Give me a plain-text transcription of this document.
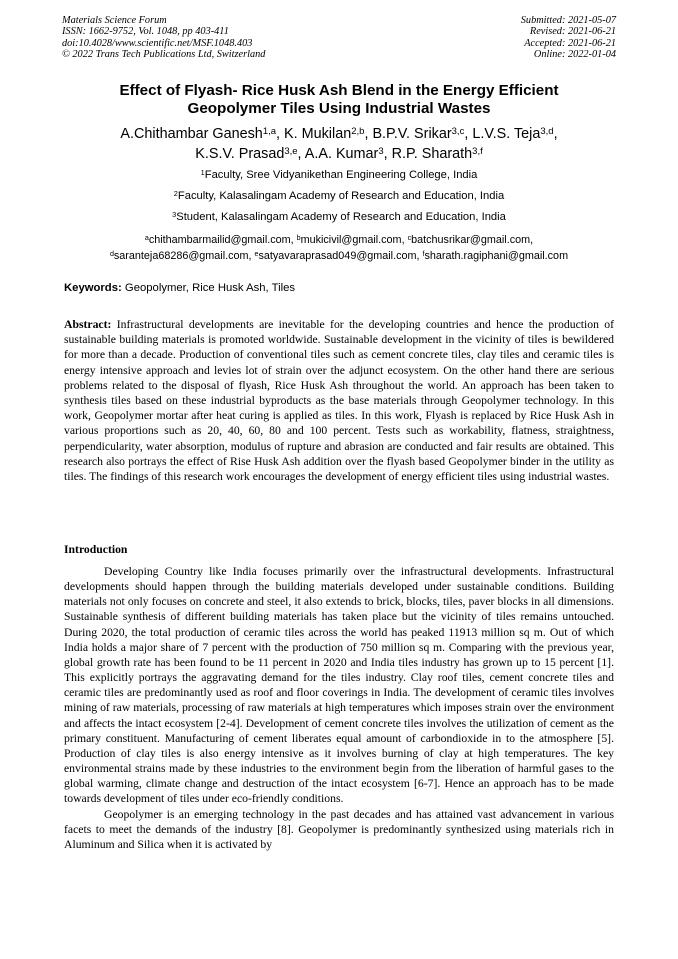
Materials Science Forum
ISSN: 1662-9752, Vol. 1048, pp 403-411
doi:10.4028/www.scientific.net/MSF.1048.403
© 2022 Trans Tech Publications Ltd, Switzerland
Submitted: 2021-05-07
Revised: 2021-06-21
Accepted: 2021-06-21
Online: 2022-01-04
Effect of Flyash- Rice Husk Ash Blend in the Energy Efficient
Geopolymer Tiles Using Industrial Wastes
A.Chithambar Ganesh$^{1,a}$, K. Mukilan$^{2,b}$, B.P.V. Srikar$^{3,c}$, L.V.S. Teja$^{3,d}$,
K.S.V. Prasad$^{3,e}$, A.A. Kumar$^3$, R.P. Sharath$^{3,f}$
$^1$Faculty, Sree Vidyanikethan Engineering College, India
$^2$Faculty, Kalasalingam Academy of Research and Education, India
$^3$Student, Kalasalingam Academy of Research and Education, India
$^a$chithambarmailid@gmail.com, $^b$mukicivil@gmail.com, $^c$batchusrikar@gmail.com,
$^d$saranteja68286@gmail.com, $^e$satyavaraprasad049@gmail.com, $^f$sharath.ragiphani@gmail.com
Keywords: Geopolymer, Rice Husk Ash, Tiles
Abstract: Infrastructural developments are inevitable for the developing countries and hence the production of sustainable building materials is promoted worldwide. Sustainable development in the vicinity of tiles is bewildered for more than a decade. Production of conventional tiles such as cement concrete tiles, clay tiles and ceramic tiles is energy intensive approach and levies lot of strain over the adjunct ecosystem. On the other hand there are serious problems related to the disposal of flyash, Rice Husk Ash throughout the world. An approach has been taken to synthesis tiles based on these industrial byproducts as the base materials through Geopolymer technology. In this work, Geopolymer mortar after heat curing is applied as tiles. In this work, Flyash is replaced by Rice Husk Ash in various proportions such as 20, 40, 60, 80 and 100 percent. Tests such as workability, flatness, straightness, perpendicularity, water absorption, modulus of rupture and abrasion are conducted and fair results are obtained. This research also portrays the effect of Rise Husk Ash addition over the flyash based Geopolymer binder in the utility as tiles. The findings of this research work encourages the development of energy efficient tiles using industrial wastes.
Introduction

Developing Country like India focuses primarily over the infrastructural developments. Infrastructural developments should happen through the building materials developed under sustainable conditions. Building materials not only focuses on concrete and steel, it also extends to brick, blocks, tiles, paver blocks in all dimensions. Sustainable synthesis of different building materials has taken place but the vicinity of tiles remains untouched. During 2020, the total production of ceramic tiles across the world has peaked 11913 million sq m. Out of which India holds a major share of 7 percent with the production of 750 million sq m. Comparing with the previous year, global growth rate has been found to be 11 percent in 2020 and India tiles industry has grown up to 15 percent [1]. This explicitly portrays the aggravating demand for the tiles industry. Clay roof tiles, cement concrete tiles and ceramic tiles are predominantly used as roof and floor coverings in India. The development of ceramic tiles involves mining of raw materials, processing of raw materials at high temperatures which imposes strain over the environment and affects the intact ecosystem [2-4]. Development of cement concrete tiles involves the utilization of cement as the primary constituent. Manufacturing of cement liberates equal amount of carbondioxide in to the atmosphere [5]. Production of clay tiles is also energy intensive as it involves burning of clay at high temperatures. The key environmental strains made by these industries to the environment begin from the liberation of harmful gases to the global warming, climate change and destruction of the intact ecosystem [6-7]. Hence an approach has to be made towards development of tiles under eco-friendly conditions.

Geopolymer is an emerging technology in the past decades and has attained vast advancement in various facets to meet the demands of the industry [8]. Geopolymer is predominantly synthesized using materials rich in Aluminum and Silica when it is activated by
